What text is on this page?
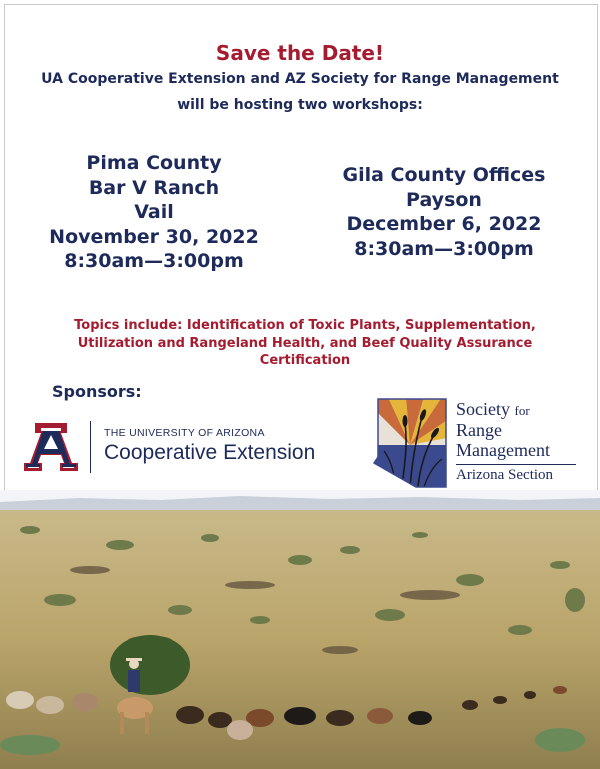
Save the Date!
UA Cooperative Extension and AZ Society for Range Management
will be hosting two workshops:
Pima County
Bar V Ranch
Vail
November 30, 2022
8:30am—3:00pm
Gila County Offices
Payson
December 6, 2022
8:30am—3:00pm
Topics include: Identification of Toxic Plants, Supplementation,
Utilization and Rangeland Health, and Beef Quality Assurance
Certification
Sponsors:
THE UNIVERSITY OF ARIZONA
Cooperative Extension
Society for
Range
Management
Arizona Section
